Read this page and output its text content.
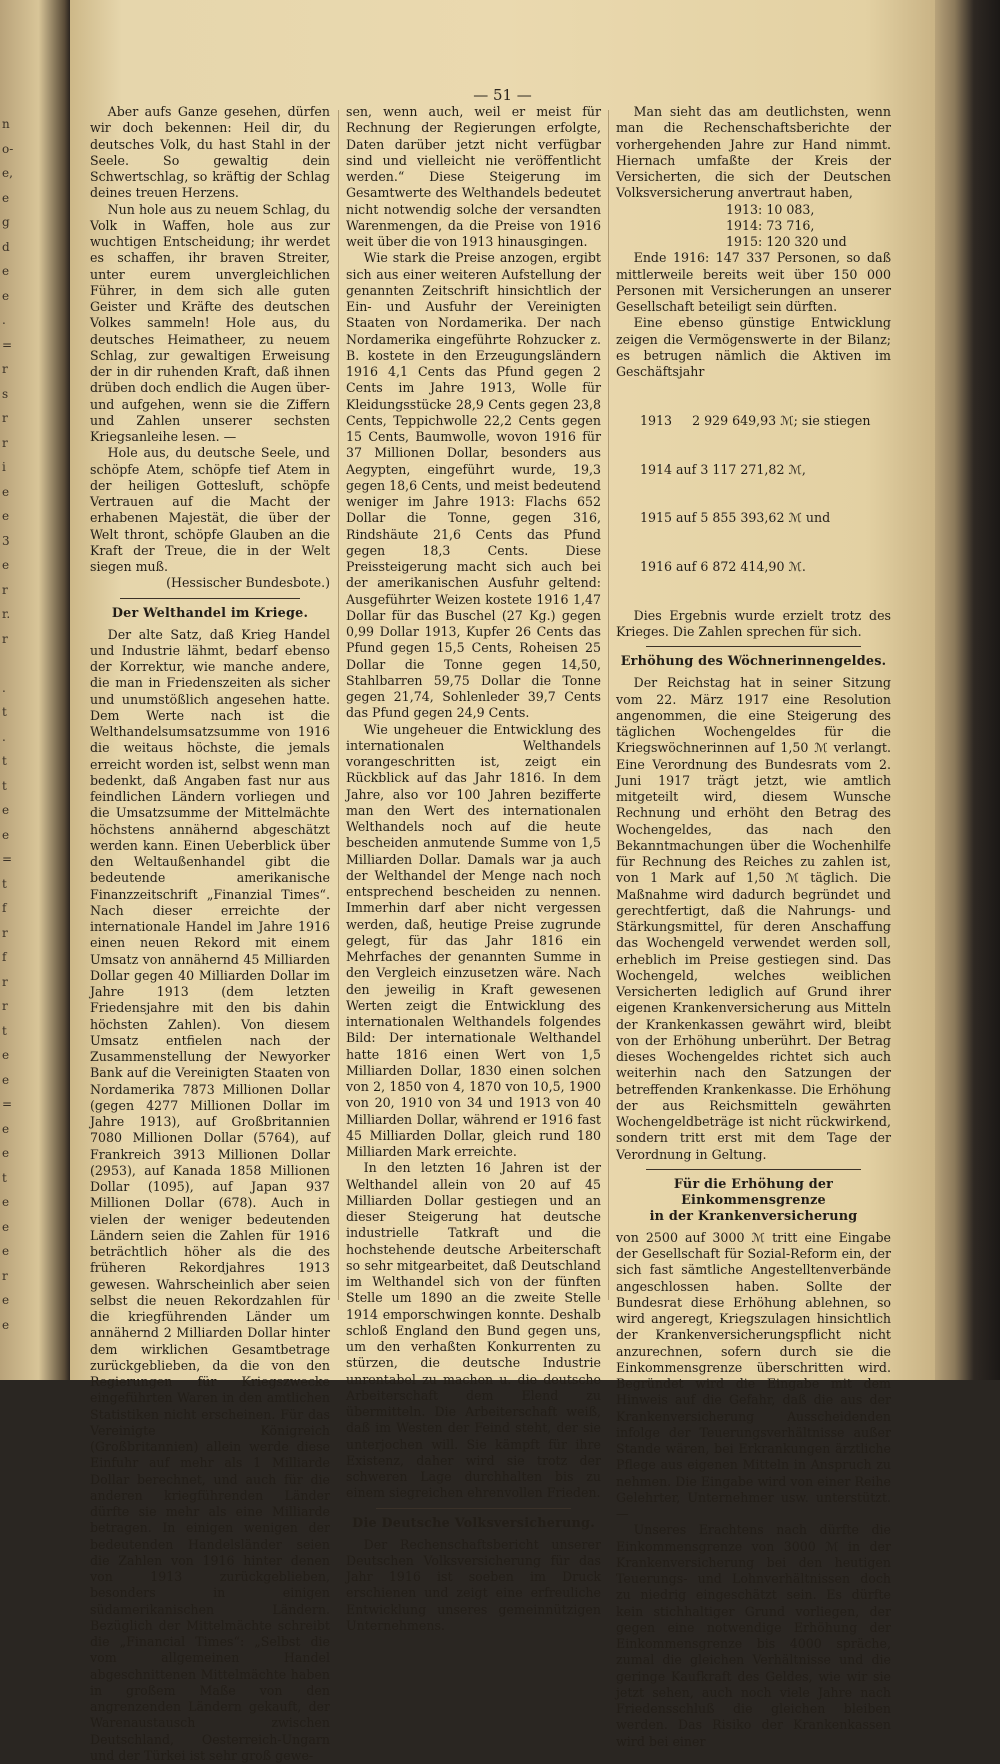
n
o-
e,
e
g
d
e
e
.
=
r
s
r
r
i
e
e
3
e
r
r.
r
.
t
.
t
t
e
e
=
t
f
r
f
r
r
t
e
e
=
e
e
t
e
e
e
r
e
e
— 51 —

Aber aufs Ganze gesehen, dürfen wir doch bekennen: Heil dir, du deutsches Volk, du hast Stahl in der Seele. So gewaltig dein Schwertschlag, so kräftig der Schlag deines treuen Herzens.

Nun hole aus zu neuem Schlag, du Volk in Waffen, hole aus zur wuchtigen Entscheidung; ihr werdet es schaffen, ihr braven Streiter, unter eurem unvergleichlichen Führer, in dem sich alle guten Geister und Kräfte des deutschen Volkes sammeln! Hole aus, du deutsches Heimatheer, zu neuem Schlag, zur gewaltigen Erweisung der in dir ruhenden Kraft, daß ihnen drüben doch endlich die Augen über- und aufgehen, wenn sie die Ziffern und Zahlen unserer sechsten Kriegsanleihe lesen. —

Hole aus, du deutsche Seele, und schöpfe Atem, schöpfe tief Atem in der heiligen Gottesluft, schöpfe Vertrauen auf die Macht der erhabenen Majestät, die über der Welt thront, schöpfe Glauben an die Kraft der Treue, die in der Welt siegen muß.

(Hessischer Bundesbote.)
Der Welthandel im Kriege.

Der alte Satz, daß Krieg Handel und Industrie lähmt, bedarf ebenso der Korrektur, wie manche andere, die man in Friedenszeiten als sicher und unumstößlich angesehen hatte. Dem Werte nach ist die Welthandelsumsatzsumme von 1916 die weitaus höchste, die jemals erreicht worden ist, selbst wenn man bedenkt, daß Angaben fast nur aus feindlichen Ländern vorliegen und die Umsatzsumme der Mittelmächte höchstens annähernd abgeschätzt werden kann. Einen Ueberblick über den Weltaußenhandel gibt die bedeutende amerikanische Finanzzeitschrift „Finanzial Times“. Nach dieser erreichte der internationale Handel im Jahre 1916 einen neuen Rekord mit einem Umsatz von annähernd 45 Milliarden Dollar gegen 40 Milliarden Dollar im Jahre 1913 (dem letzten Friedensjahre mit den bis dahin höchsten Zahlen). Von diesem Umsatz entfielen nach der Zusammenstellung der Newyorker Bank auf die Vereinigten Staaten von Nordamerika 7873 Millionen Dollar (gegen 4277 Millionen Dollar im Jahre 1913), auf Großbritannien 7080 Millionen Dollar (5764), auf Frankreich 3913 Millionen Dollar (2953), auf Kanada 1858 Millionen Dollar (1095), auf Japan 937 Millionen Dollar (678). Auch in vielen der weniger bedeutenden Ländern seien die Zahlen für 1916 beträchtlich höher als die des früheren Rekordjahres 1913 gewesen. Wahrscheinlich aber seien selbst die neuen Rekordzahlen für die kriegführenden Länder um annähernd 2 Milliarden Dollar hinter dem wirklichen Gesamtbetrage zurückgeblieben, da die von den Regierungen für Kriegszwecke eingeführten Waren in den amtlichen Statistiken nicht erscheinen. Für das Vereinigte Königreich (Großbritannien) allein werde diese Einfuhr auf mehr als 1 Milliarde Dollar berechnet, und auch für die anderen kriegführenden Länder dürfte sie mehr als eine Milliarde betragen. In einigen wenigen der bedeutenden Handelsländer seien die Zahlen von 1916 hinter denen von 1913 zurückgeblieben, besonders in einigen südamerikanischen Ländern. Bezüglich der Mittelmächte schreibt die „Financial Times“: „Selbst die vom allgemeinen Handel abgeschnittenen Mittelmächte haben in großem Maße von den angrenzenden Ländern gekauft, der Warenaustausch zwischen Deutschland, Oesterreich-Ungarn und der Türkei ist sehr groß gewe-

sen, wenn auch, weil er meist für Rechnung der Regierungen erfolgte, Daten darüber jetzt nicht verfügbar sind und vielleicht nie veröffentlicht werden.“ Diese Steigerung im Gesamtwerte des Welthandels bedeutet nicht notwendig solche der versandten Warenmengen, da die Preise von 1916 weit über die von 1913 hinausgingen.

Wie stark die Preise anzogen, ergibt sich aus einer weiteren Aufstellung der genannten Zeitschrift hinsichtlich der Ein- und Ausfuhr der Vereinigten Staaten von Nordamerika. Der nach Nordamerika eingeführte Rohzucker z. B. kostete in den Erzeugungsländern 1916 4,1 Cents das Pfund gegen 2 Cents im Jahre 1913, Wolle für Kleidungsstücke 28,9 Cents gegen 23,8 Cents, Teppichwolle 22,2 Cents gegen 15 Cents, Baumwolle, wovon 1916 für 37 Millionen Dollar, besonders aus Aegypten, eingeführt wurde, 19,3 gegen 18,6 Cents, und meist bedeutend weniger im Jahre 1913: Flachs 652 Dollar die Tonne, gegen 316, Rindshäute 21,6 Cents das Pfund gegen 18,3 Cents. Diese Preissteigerung macht sich auch bei der amerikanischen Ausfuhr geltend: Ausgeführter Weizen kostete 1916 1,47 Dollar für das Buschel (27 Kg.) gegen 0,99 Dollar 1913, Kupfer 26 Cents das Pfund gegen 15,5 Cents, Roheisen 25 Dollar die Tonne gegen 14,50, Stahlbarren 59,75 Dollar die Tonne gegen 21,74, Sohlenleder 39,7 Cents das Pfund gegen 24,9 Cents.

Wie ungeheuer die Entwicklung des internationalen Welthandels vorangeschritten ist, zeigt ein Rückblick auf das Jahr 1816. In dem Jahre, also vor 100 Jahren bezifferte man den Wert des internationalen Welthandels noch auf die heute bescheiden anmutende Summe von 1,5 Milliarden Dollar. Damals war ja auch der Welthandel der Menge nach noch entsprechend bescheiden zu nennen. Immerhin darf aber nicht vergessen werden, daß, heutige Preise zugrunde gelegt, für das Jahr 1816 ein Mehrfaches der genannten Summe in den Vergleich einzusetzen wäre. Nach den jeweilig in Kraft gewesenen Werten zeigt die Entwicklung des internationalen Welthandels folgendes Bild: Der internationale Welthandel hatte 1816 einen Wert von 1,5 Milliarden Dollar, 1830 einen solchen von 2, 1850 von 4, 1870 von 10,5, 1900 von 20, 1910 von 34 und 1913 von 40 Milliarden Dollar, während er 1916 fast 45 Milliarden Dollar, gleich rund 180 Milliarden Mark erreichte.

In den letzten 16 Jahren ist der Welthandel allein von 20 auf 45 Milliarden Dollar gestiegen und an dieser Steigerung hat deutsche industrielle Tatkraft und die hochstehende deutsche Arbeiterschaft so sehr mitgearbeitet, daß Deutschland im Welthandel sich von der fünften Stelle um 1890 an die zweite Stelle 1914 emporschwingen konnte. Deshalb schloß England den Bund gegen uns, um den verhaßten Konkurrenten zu stürzen, die deutsche Industrie unrentabel zu machen u. die deutsche Arbeiterschaft dem Elend zu übermitteln. Die Arbeiterschaft weiß, daß im Westen der Feind steht, der sie unterjochen will. Sie kämpft für ihre Existenz, daher wird sie trotz der schweren Lage durchhalten bis zu einem siegreichen ehrenvollen Frieden.

Die Deutsche Volksversicherung.

Der Rechenschaftsbericht unserer Deutschen Volksversicherung für das Jahr 1916 ist soeben im Druck erschienen und zeigt eine erfreuliche Entwicklung unseres gemeinnützigen Unternehmens.

Man sieht das am deutlichsten, wenn man die Rechenschaftsberichte der vorhergehenden Jahre zur Hand nimmt. Hiernach umfaßte der Kreis der Versicherten, die sich der Deutschen Volksversicherung anvertraut haben,

1913: 10 083,
1914: 73 716,
1915: 120 320 und

Ende 1916: 147 337 Personen, so daß mittlerweile bereits weit über 150 000 Personen mit Versicherungen an unserer Gesellschaft beteiligt sein dürften.

Eine ebenso günstige Entwicklung zeigen die Vermögenswerte in der Bilanz; es betrugen nämlich die Aktiven im Geschäftsjahr

1913     2 929 649,93 ℳ; sie stiegen

1914 auf 3 117 271,82 ℳ,

1915 auf 5 855 393,62 ℳ und

1916 auf 6 872 414,90 ℳ.

Dies Ergebnis wurde erzielt trotz des Krieges. Die Zahlen sprechen für sich.

Erhöhung des Wöchnerinnengeldes.

Der Reichstag hat in seiner Sitzung vom 22. März 1917 eine Resolution angenommen, die eine Steigerung des täglichen Wochengeldes für die Kriegswöchnerinnen auf 1,50 ℳ verlangt. Eine Verordnung des Bundesrats vom 2. Juni 1917 trägt jetzt, wie amtlich mitgeteilt wird, diesem Wunsche Rechnung und erhöht den Betrag des Wochengeldes, das nach den Bekanntmachungen über die Wochenhilfe für Rechnung des Reiches zu zahlen ist, von 1 Mark auf 1,50 ℳ täglich. Die Maßnahme wird dadurch begründet und gerechtfertigt, daß die Nahrungs- und Stärkungsmittel, für deren Anschaffung das Wochengeld verwendet werden soll, erheblich im Preise gestiegen sind. Das Wochengeld, welches weiblichen Versicherten lediglich auf Grund ihrer eigenen Krankenversicherung aus Mitteln der Krankenkassen gewährt wird, bleibt von der Erhöhung unberührt. Der Betrag dieses Wochengeldes richtet sich auch weiterhin nach den Satzungen der betreffenden Krankenkasse. Die Erhöhung der aus Reichsmitteln gewährten Wochengeldbeträge ist nicht rückwirkend, sondern tritt erst mit dem Tage der Verordnung in Geltung.

Für die Erhöhung der Einkommensgrenze
in der Krankenversicherung

von 2500 auf 3000 ℳ tritt eine Eingabe der Gesellschaft für Sozial-Reform ein, der sich fast sämtliche Angestelltenverbände angeschlossen haben. Sollte der Bundesrat diese Erhöhung ablehnen, so wird angeregt, Kriegszulagen hinsichtlich der Krankenversicherungspflicht nicht anzurechnen, sofern durch sie die Einkommensgrenze überschritten wird. Begründet wird die Eingabe mit dem Hinweis auf die Gefahr, daß die aus der Krankenversicherung Ausscheidenden infolge der Teuerungsverhältnisse außer Stande wären, bei Erkrankungen ärztliche Pflege aus eigenen Mitteln in Anspruch zu nehmen. Die Eingabe wird von einer Reihe Gelehrter, Unternehmer usw. unterstützt. —

Unseres Erachtens nach dürfte die Einkommensgrenze von 3000 ℳ in der Krankenversicherung bei den heutigen Teuerungs- und Lohnverhältnissen doch zu niedrig eingeschätzt sein. Es dürfte kein stichhaltiger Grund vorliegen, der gegen eine notwendige Erhöhung der Einkommensgrenze bis 4000 spräche, zumal die gleichen Verhältnisse und die geringe Kaufkraft des Geldes, wie wir sie jetzt sehen, auch noch viele Jahre nach Friedensschluß die gleichen bleiben werden. Das Risiko der Krankenkassen wird bei einer
